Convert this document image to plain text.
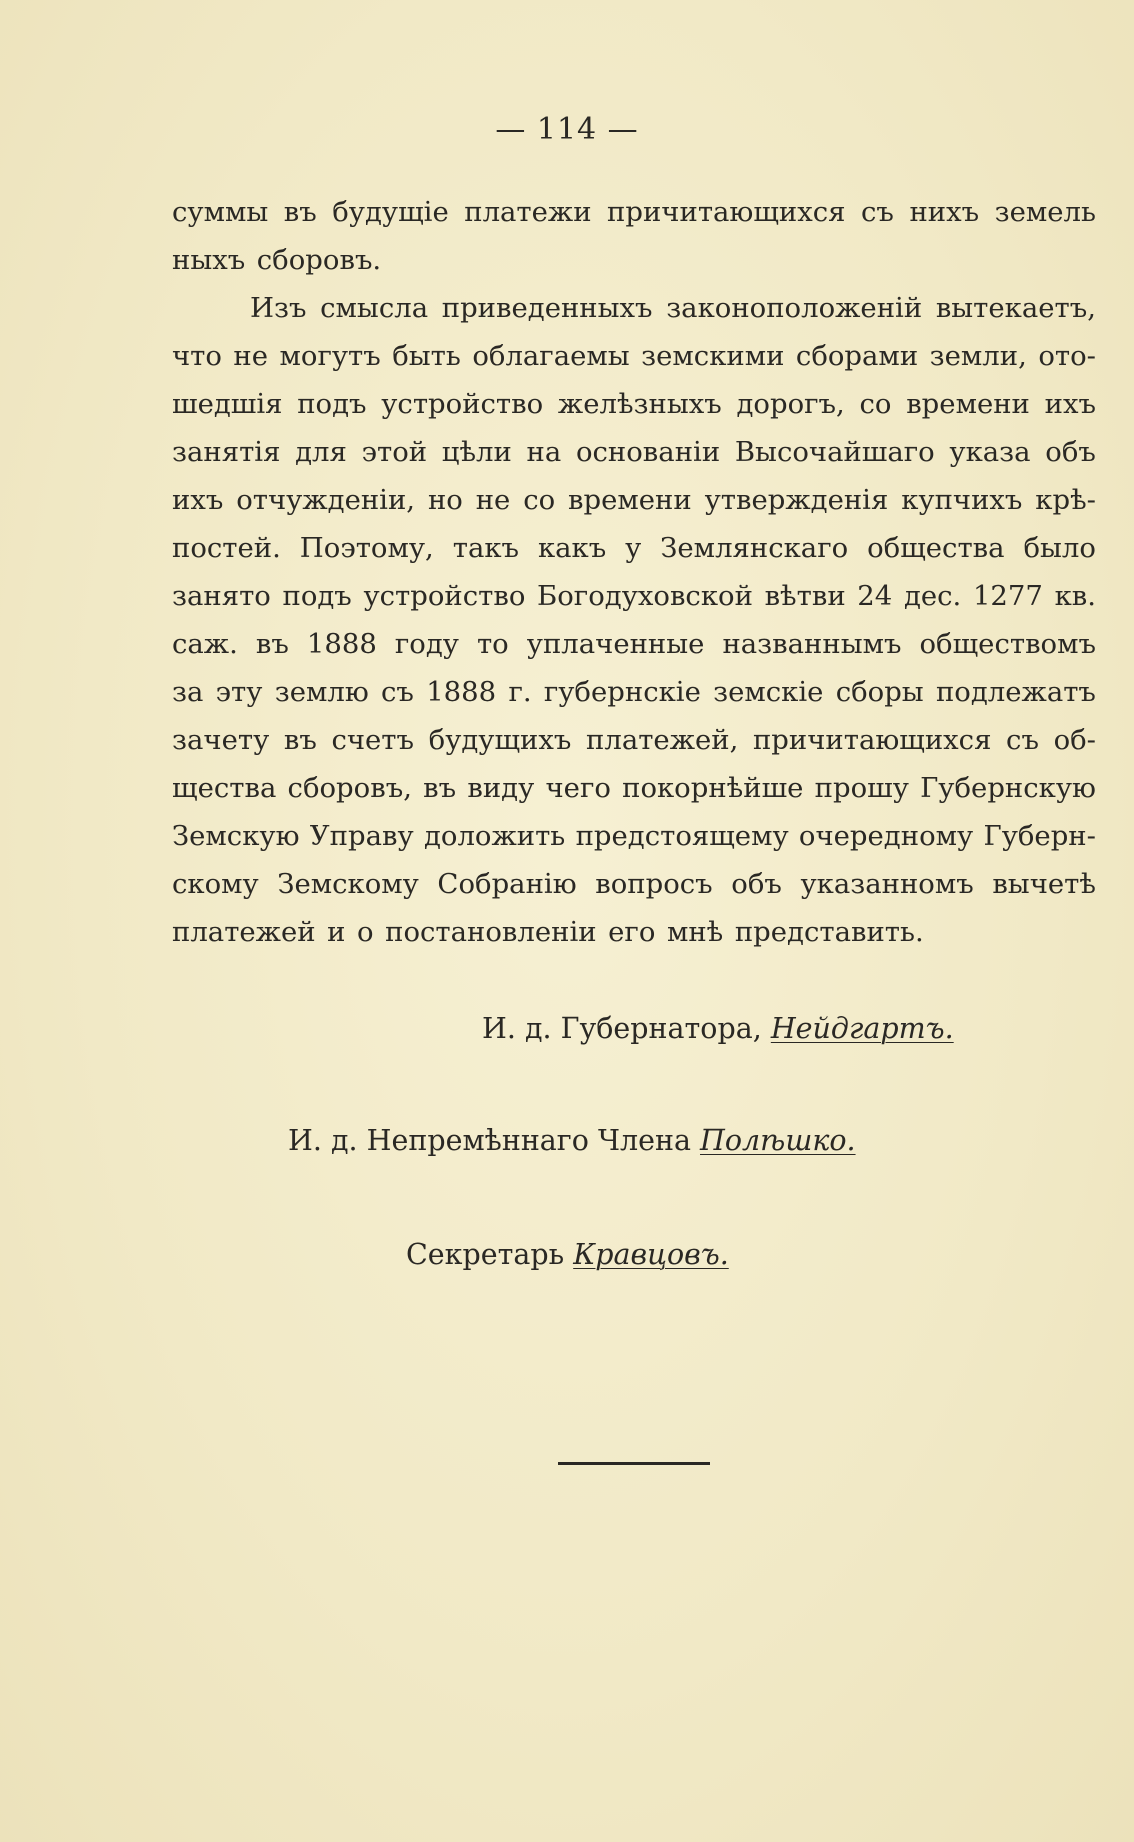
— 114 —
суммы въ будущіе платежи причитающихся съ нихъ земель
ныхъ сборовъ.
Изъ смысла приведенныхъ законоположеній вытекаетъ,
что не могутъ быть облагаемы земскими сборами земли, ото-
шедшія подъ устройство желѣзныхъ дорогъ, со времени ихъ
занятія для этой цѣли на основаніи Высочайшаго указа объ
ихъ отчужденіи, но не со времени утвержденія купчихъ крѣ-
постей. Поэтому, такъ какъ у Землянскаго общества было
занято подъ устройство Богодуховской вѣтви 24 дес. 1277 кв.
саж. въ 1888 году то уплаченные названнымъ обществомъ
за эту землю съ 1888 г. губернскіе земскіе сборы подлежатъ
зачету въ счетъ будущихъ платежей, причитающихся съ об-
щества сборовъ, въ виду чего покорнѣйше прошу Губернскую
Земскую Управу доложить предстоящему очередному Губерн-
скому Земскому Собранію вопросъ объ указанномъ вычетѣ
платежей и о постановленіи его мнѣ представить.
И. д. Губернатора, Нейдгартъ.
И. д. Непремѣннаго Члена Полѣшко.
Секретарь Кравцовъ.
